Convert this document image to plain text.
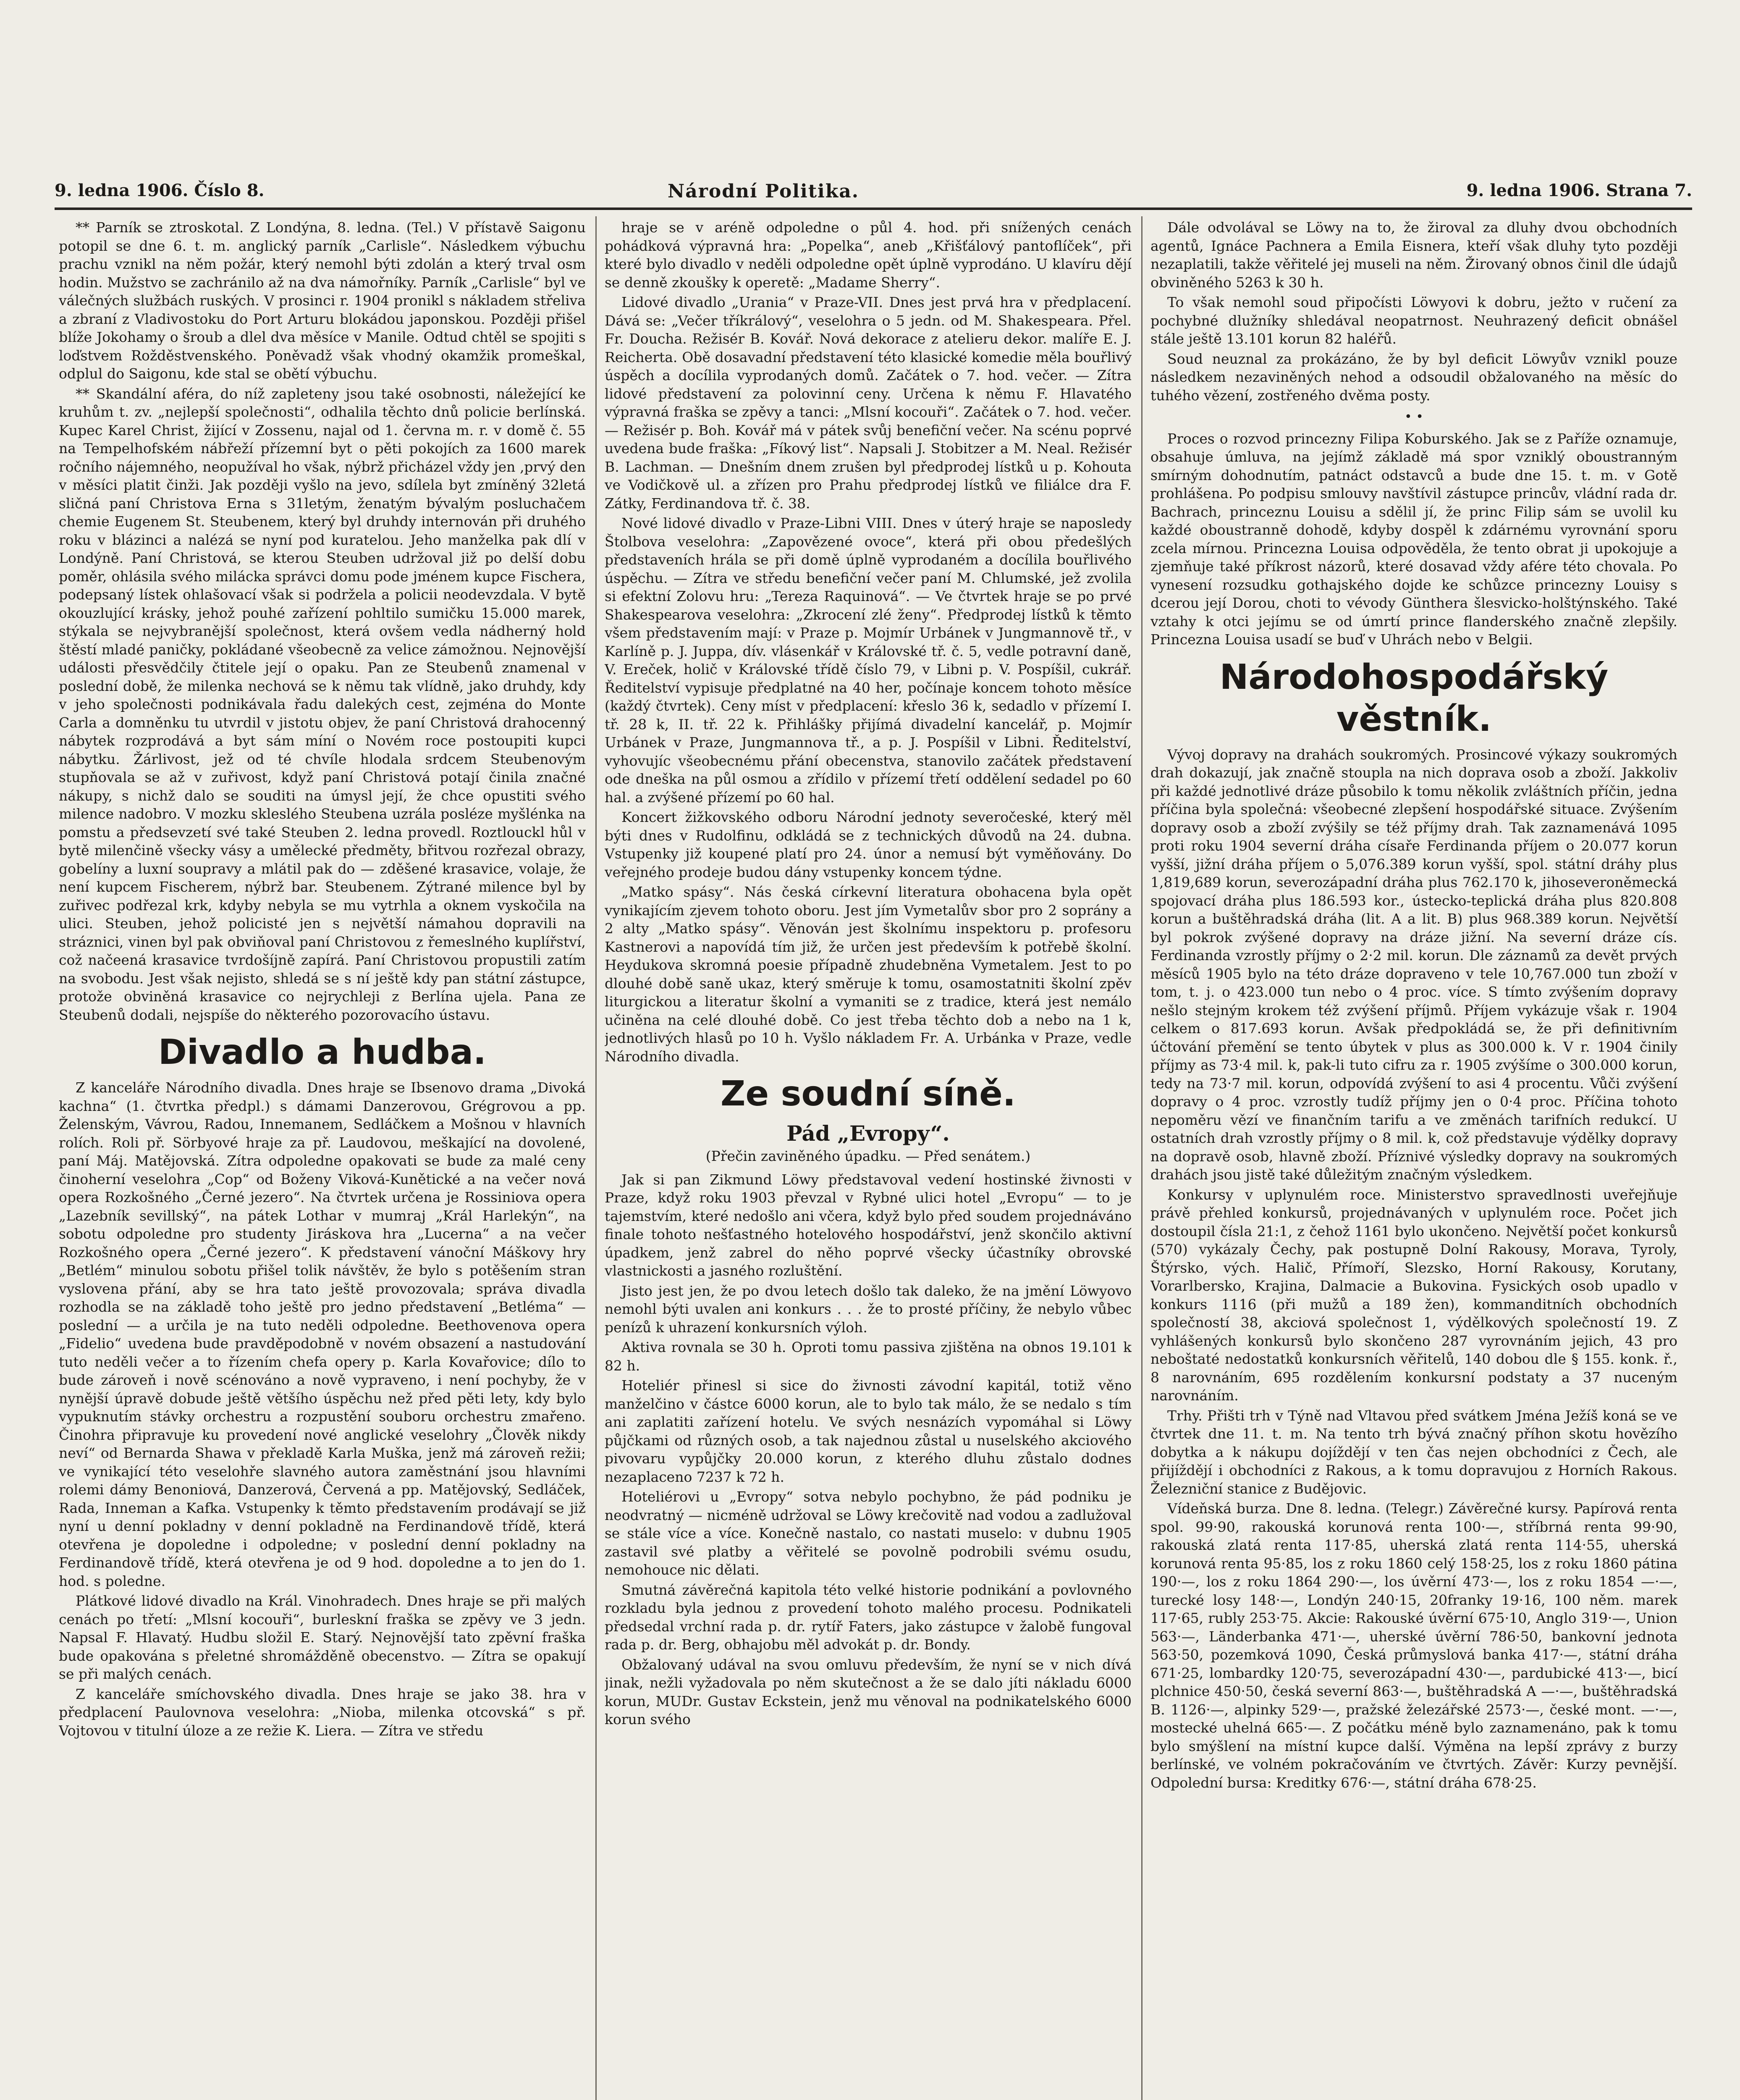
9. ledna 1906. Číslo 8.	Národní Politika.	9. ledna 1906. Strana 7.

** Parník se ztroskotal. Z Londýna, 8. ledna. (Tel.) V přístavě Saigonu potopil se dne 6. t. m. anglický parník „Carlisle“. Následkem výbuchu prachu vznikl na něm požár, který nemohl býti zdolán a který trval osm hodin. Mužstvo se zachránilo až na dva námořníky. Parník „Carlisle“ byl ve válečných službách ruských. V prosinci r. 1904 pronikl s nákladem střeliva a zbraní z Vladivostoku do Port Arturu blokádou japonskou. Později přišel blíže Jokohamy o šroub a dlel dva měsíce v Manile. Odtud chtěl se spojiti s loďstvem Rožděstvenského. Poněvadž však vhodný okamžik promeškal, odplul do Saigonu, kde stal se obětí výbuchu.

** Skandální aféra, do níž zapleteny jsou také osobnosti, náležející ke kruhům t. zv. „nejlepší společnosti“, odhalila těchto dnů policie berlínská. Kupec Karel Christ, žijící v Zossenu, najal od 1. června m. r. v domě č. 55 na Tempelhofském nábřeží přízemní byt o pěti pokojích za 1600 marek ročního nájemného, neopužíval ho však, nýbrž přicházel vždy jen ‚prvý den v měsíci platit činži. Jak později vyšlo na jevo, sdílela byt zmíněný 32letá sličná paní Christova Erna s 31letým, ženatým bývalým posluchačem chemie Eugenem St. Steubenem, který byl druhdy internován při druhého roku v blázinci a nalézá se nyní pod kuratelou. Jeho manželka pak dlí v Londýně. Paní Christová, se kterou Steuben udržoval již po delší dobu poměr, ohlásila svého milácka správci domu pode jménem kupce Fischera, podepsaný lístek ohlašovací však si podržela a policii neodevzdala. V bytě okouzlující krásky, jehož pouhé zařízení pohltilo sumičku 15.000 marek, stýkala se nejvybranější společnost, která ovšem vedla nádherný hold štěstí mladé paničky, pokládané všeobecně za velice zámožnou. Nejnovější události přesvědčily čtitele její o opaku. Pan ze Steubenů znamenal v poslední době, že milenka nechová se k němu tak vlídně, jako druhdy, kdy v jeho společnosti podnikávala řadu dalekých cest, zejména do Monte Carla a domněnku tu utvrdil v jistotu objev, že paní Christová drahocenný nábytek rozprodává a byt sám míní o Novém roce postoupiti kupci nábytku. Žárlivost, jež od té chvíle hlodala srdcem Steubenovým stupňovala se až v zuřivost, když paní Christová potají činila značné nákupy, s nichž dalo se souditi na úmysl její, že chce opustiti svého milence nadobro. V mozku skleslého Steubena uzrála posléze myšlénka na pomstu a předsevzetí své také Steuben 2. ledna provedl. Roztlouckl hůl v bytě milenčině všecky vásy a umělecké předměty, břitvou rozřezal obrazy, gobelíny a luxní soupravy a mlátil pak do — zděšené krasavice, volaje, že není kupcem Fischerem, nýbrž bar. Steubenem. Zýtrané milence byl by zuřivec podřezal krk, kdyby nebyla se mu vytrhla a oknem vyskočila na ulici. Steuben, jehož policisté jen s největší námahou dopravili na stráznici, vinen byl pak obviňoval paní Christovou z řemeslného kuplířství, což načeená krasavice tvrdošíjně zapírá. Paní Christovou propustili zatím na svobodu. Jest však nejisto, shledá se s ní ještě kdy pan státní zástupce, protože obviněná krasavice co nejrychleji z Berlína ujela. Pana ze Steubenů dodali, nejspíše do některého pozorovacího ústavu.

Divadlo a hudba.

Z kanceláře Národního divadla. Dnes hraje se Ibsenovo drama „Divoká kachna“ (1. čtvrtka předpl.) s dámami Danzerovou, Grégrovou a pp. Želenským, Vávrou, Radou, Innemanem, Sedláčkem a Mošnou v hlavních rolích. Roli př. Sörbyové hraje za př. Laudovou, meškající na dovolené, paní Máj. Matějovská. Zítra odpoledne opakovati se bude za malé ceny činoherní veselohra „Cop“ od Boženy Viková-Kunětické a na večer nová opera Rozkošného „Černé jezero“. Na čtvrtek určena je Rossiniova opera „Lazebník sevillský“, na pátek Lothar v mumraj „Král Harlekýn“, na sobotu odpoledne pro studenty Jiráskova hra „Lucerna“ a na večer Rozkošného opera „Černé jezero“. K představení vánoční Máškovy hry „Betlém“ minulou sobotu přišel tolik návštěv, že bylo s potěšením stran vyslovena přání, aby se hra tato ještě provozovala; správa divadla rozhodla se na základě toho ještě pro jedno představení „Betléma“ — poslední — a určila je na tuto neděli odpoledne. Beethovenova opera „Fidelio“ uvedena bude pravděpodobně v novém obsazení a nastudování tuto neděli večer a to řízením chefa opery p. Karla Kovařovice; dílo to bude zároveň i nově scénováno a nově vypraveno, i není pochyby, že v nynější úpravě dobude ještě většího úspěchu než před pěti lety, kdy bylo vypuknutím stávky orchestru a rozpustění souboru orchestru zmařeno. Činohra připravuje ku provedení nové anglické veselohry „Člověk nikdy neví“ od Bernarda Shawa v překladě Karla Muška, jenž má zároveň režii; ve vynikající této veselohře slavného autora zaměstnání jsou hlavními rolemi dámy Benoniová, Danzerová, Červená a pp. Matějovský, Sedláček, Rada, Inneman a Kafka. Vstupenky k těmto představením prodávají se již nyní u denní pokladny v denní pokladně na Ferdinandově třídě, která otevřena je dopoledne i odpoledne; v poslední denní pokladny na Ferdinandově třídě, která otevřena je od 9 hod. dopoledne a to jen do 1. hod. s poledne.

Plátkové lidové divadlo na Král. Vinohradech. Dnes hraje se při malých cenách po třetí: „Mlsní kocouři“, burleskní fraška se zpěvy ve 3 jedn. Napsal F. Hlavatý. Hudbu složil E. Starý. Nejnovější tato zpěvní fraška bude opakována s přeletné shromážděně obecenstvo. — Zítra se opakují se při malých cenách.

Z kanceláře smíchovského divadla. Dnes hraje se jako 38. hra v předplacení Paulovnova veselohra: „Nioba, milenka otcovská“ s př. Vojtovou v titulní úloze a ze režie K. Liera. — Zítra ve středu

hraje se v aréně odpoledne o půl 4. hod. při snížených cenách pohádková výpravná hra: „Popelka“, aneb „Křišťálový pantoflíček“, při které bylo divadlo v neděli odpoledne opět úplně vyprodáno. U klavíru dějí se denně zkoušky k operetě: „Madame Sherry“.

Lidové divadlo „Urania“ v Praze-VII. Dnes jest prvá hra v předplacení. Dává se: „Večer tříkrálový“, veselohra o 5 jedn. od M. Shakespeara. Přel. Fr. Doucha. Režisér B. Kovář. Nová dekorace z atelieru dekor. malíře E. J. Reichertа. Obě dosavadní představení této klasické komedie měla bouřlivý úspěch a docílila vyprodaných domů. Začátek o 7. hod. večer. — Zítra lidové představení za polovinní ceny. Určena k němu F. Hlavatého výpravná fraška se zpěvy a tanci: „Mlsní kocouři“. Začátek o 7. hod. večer. — Režisér p. Boh. Kovář má v pátek svůj benefiční večer. Na scénu poprvé uvedena bude fraška: „Fíkový list“. Napsali J. Stobitzer a M. Neal. Režisér B. Lachman. — Dnešním dnem zrušen byl předprodej lístků u p. Kohouta ve Vodičkově ul. a zřízen pro Prahu předprodej lístků ve filiálce dra F. Zátky, Ferdinandova tř. č. 38.

Nové lidové divadlo v Praze-Libni VIII. Dnes v úterý hraje se naposledy Štolbova veselohra: „Zapovězené ovoce“, která při obou předešlých představeních hrála se při domě úplně vyprodaném a docílila bouřlivého úspěchu. — Zítra ve středu benefiční večer paní M. Chlumské, jež zvolila si efektní Zolovu hru: „Tereza Raquinová“. — Ve čtvrtek hraje se po prvé Shakespearova veselohra: „Zkrocení zlé ženy“. Předprodej lístků k těmto všem představením mají: v Praze p. Mojmír Urbánek v Jungmannově tř., v Karlíně p. J. Juppa, dív. vlásenkář v Královské tř. č. 5, vedle potravní daně, V. Ereček, holič v Královské třídě číslo 79, v Libni p. V. Pospíšil, cukrář. Ředitelství vypisuje předplatné na 40 her, počínaje koncem tohoto měsíce (každý čtvrtek). Ceny míst v předplacení: křeslo 36 k, sedadlo v přízemí I. tř. 28 k, II. tř. 22 k. Přihlášky přijímá divadelní kancelář, p. Mojmír Urbánek v Praze, Jungmannova tř., a p. J. Pospíšil v Libni. Ředitelství, vyhovujíc všeobecnému přání obecenstva, stanovilo začátek představení ode dneška na půl osmou a zřídilo v přízemí třetí oddělení sedadel po 60 hal. a zvýšené přízemí po 60 hal.

Koncert žižkovského odboru Národní jednoty severočeské, který měl býti dnes v Rudolfinu, odkládá se z technických důvodů na 24. dubna. Vstupenky již koupené platí pro 24. únor a nemusí být vyměňovány. Do veřejného prodeje budou dány vstupenky koncem týdne.

„Matko spásy“. Nás česká církevní literatura obohacena byla opět vynikajícím zjevem tohoto oboru. Jest jím Vymetalův sbor pro 2 soprány a 2 alty „Matko spásy“. Věnován jest školnímu inspektoru p. profesoru Kastnerovi a napovídá tím již, že určen jest především k potřebě školní. Heydukova skromná poesie případně zhudebněna Vymetalem. Jest to po dlouhé době saně ukaz, který směruje k tomu, osamostatniti školní zpěv liturgickou a literatur školní a vymaniti se z tradice, která jest nemálo učiněna na celé dlouhé době. Co jest třeba těchto dob a nebo na 1 k, jednotlivých hlasů po 10 h. Vyšlo nákladem Fr. A. Urbánka v Praze, vedle Národního divadla.

Ze soudní síně.
Pád „Evropy“.
(Přečin zaviněného úpadku. — Před senátem.)

Jak si pan Zikmund Löwy představoval vedení hostinské živnosti v Praze, když roku 1903 převzal v Rybné ulici hotel „Evropu“ — to je tajemstvím, které nedošlo ani včera, když bylo před soudem projednáváno finale tohoto nešťastného hotelového hospodářství, jenž skončilo aktivní úpadkem, jenž zabrel do něho poprvé všecky účastníky obrovské vlastnickosti a jasného rozluštění.

Jisto jest jen, že po dvou letech došlo tak daleko, že na jmění Löwyovo nemohl býti uvalen ani konkurs . . . že to prosté příčiny, že nebylo vůbec penízů k uhrazení konkursních výloh.

Aktiva rovnala se 30 h. Oproti tomu passiva zjištěna na obnos 19.101 k 82 h.

Hoteliér přinesl si sice do živnosti závodní kapitál, totiž věno manželčino v částce 6000 korun, ale to bylo tak málo, že se nedalo s tím ani zaplatiti zařízení hotelu. Ve svých nesnázích vypomáhal si Löwy půjčkami od různých osob, a tak najednou zůstal u nuselského akciového pivovaru vypůjčky 20.000 korun, z kterého dluhu zůstalo dodnes nezaplaceno 7237 k 72 h.

Hoteliérovi u „Evropy“ sotva nebylo pochybno, že pád podniku je neodvratný — nicméně udržoval se Löwy krečovitě nad vodou a zadlužoval se stále více a více. Konečně nastalo, co nastati muselo: v dubnu 1905 zastavil své platby a věřitelé se povolně podrobili svému osudu, nemohouce nic dělati.

Smutná závěrečná kapitola této velké historie podnikání a povlovného rozkladu byla jednou z provedení tohoto malého procesu. Podnikateli předsedal vrchní rada p. dr. rytíř Faters, jako zástupce v žalobě fungoval rada p. dr. Berg, obhajobu měl advokát p. dr. Bondy.

Obžalovaný udával na svou omluvu především, že nyní se v nich dívá jinak, nežli vyžadovala po něm skutečnost a že se dalo jíti nákladu 6000 korun, MUDr. Gustav Eckstein, jenž mu věnoval na podnikatelského 6000 korun svého

Dále odvolával se Löwy na to, že žiroval za dluhy dvou obchodních agentů, Ignáce Pachnera a Emila Eisnera, kteří však dluhy tyto později nezaplatili, takže věřitelé jej museli na něm. Žirovaný obnos činil dle údajů obviněného 5263 k 30 h.

To však nemohl soud připočísti Löwyovi k dobru, ježto v ručení za pochybné dlužníky shledával neopatrnost. Neuhrazený deficit obnášel stále ještě 13.101 korun 82 haléřů.

Soud neuznal za prokázáno, že by byl deficit Löwyův vznikl pouze následkem nezaviněných nehod a odsoudil obžalovaného na měsíc do tuhého vězení, zostřeného dvěma posty.

• •

Proces o rozvod princezny Filipa Koburského. Jak se z Paříže oznamuje, obsahuje úmluva, na jejímž základě má spor vzniklý oboustranným smírným dohodnutím, patnáct odstavců a bude dne 15. t. m. v Gotě prohlášena. Po podpisu smlouvy navštívil zástupce princův, vládní rada dr. Bachrach, princeznu Louisu a sdělil jí, že princ Filip sám se uvolil ku každé oboustranně dohodě, kdyby dospěl k zdárnému vyrovnání sporu zcela mírnou. Princezna Louisa odpověděla, že tento obrat ji upokojuje a zjemňuje také příkrost názorů, které dosavad vždy afére této chovala. Po vynesení rozsudku gothajského dojde ke schůzce princezny Louisy s dcerou její Dorou, choti to vévody Günthera šlesvicko-holštýnského. Také vztahy k otci jejímu se od úmrtí prince flanderského značně zlepšily. Princezna Louisa usadí se buď v Uhrách nebo v Belgii.

Národohospodářský věstník.

Vývoj dopravy na drahách soukromých. Prosincové výkazy soukromých drah dokazují, jak značně stoupla na nich doprava osob a zboží. Jakkoliv při každé jednotlivé dráze působilo k tomu několik zvláštních příčin, jedna příčina byla společná: všeobecné zlepšení hospodářské situace. Zvýšením dopravy osob a zboží zvýšily se též příjmy drah. Tak zaznamenává 1095 proti roku 1904 severní dráha císaře Ferdinanda příjem o 20.077 korun vyšší, jižní dráha příjem o 5,076.389 korun vyšší, spol. státní dráhy plus 1,819,689 korun, severozápadní dráha plus 762.170 k, jihoseveroněmecká spojovací dráha plus 186.593 kor., ústecko-teplická dráha plus 820.808 korun a buštěhradská dráha (lit. A a lit. B) plus 968.389 korun. Největší byl pokrok zvýšené dopravy na dráze jižní. Na severní dráze cís. Ferdinanda vzrostly příjmy o 2·2 mil. korun. Dle záznamů za devět prvých měsíců 1905 bylo na této dráze dopraveno v tele 10,767.000 tun zboží v tom, t. j. o 423.000 tun nebo o 4 proc. více. S tímto zvýšením dopravy nešlo stejným krokem též zvýšení příjmů. Příjem vykázuje však r. 1904 celkem o 817.693 korun. Avšak předpokládá se, že při definitivním účtování přemění se tento úbytek v plus as 300.000 k. V r. 1904 činily příjmy as 73·4 mil. k, pak-li tuto cifru za r. 1905 zvýšíme o 300.000 korun, tedy na 73·7 mil. korun, odpovídá zvýšení to asi 4 procentu. Vůči zvýšení dopravy o 4 proc. vzrostly tudíž příjmy jen o 0·4 proc. Příčina tohoto nepoměru vězí ve finančním tarifu a ve změnách tarifních redukcí. U ostatních drah vzrostly příjmy o 8 mil. k, což představuje výdělky dopravy na dopravě osob, hlavně zboží. Příznivé výsledky dopravy na soukromých drahách jsou jistě také důležitým značným výsledkem.

Konkursy v uplynulém roce. Ministerstvo spravedlnosti uveřejňuje právě přehled konkursů, projednávaných v uplynulém roce. Počet jich dostoupil čísla 21:1, z čehož 1161 bylo ukončeno. Největší počet konkursů (570) vykázaly Čechy, pak postupně Dolní Rakousy, Morava, Tyroly, Štýrsko, vých. Halič, Přímoří, Slezsko, Horní Rakousy, Korutany, Vorarlbersko, Krajina, Dalmacie a Bukovina. Fysických osob upadlo v konkurs 1116 (při mužů a 189 žen), kommanditních obchodních společností 38, akciová společnost 1, výdělkových společností 19. Z vyhlášených konkursů bylo skončeno 287 vyrovnáním jejich, 43 pro neboštaté nedostatků konkursních věřitelů, 140 dobou dle § 155. konk. ř., 8 narovnáním, 695 rozdělením konkursní podstaty a 37 nuceným narovnáním.

Trhy. Přišti trh v Týně nad Vltavou před svátkem Jména Ježíš koná se ve čtvrtek dne 11. t. m. Na tento trh bývá značný příhon skotu hovězího dobytka a k nákupu dojíždějí v ten čas nejen obchodníci z Čech, ale přijíždějí i obchodníci z Rakous, a k tomu dopravujou z Horních Rakous. Železniční stanice z Budějovic.

Vídeňská burza. Dne 8. ledna. (Telegr.) Závěrečné kursy. Papírová renta spol. 99·90, rakouská korunová renta 100·—, stříbrná renta 99·90, rakouská zlatá renta 117·85, uherská zlatá renta 114·55, uherská korunová renta 95·85, los z roku 1860 celý 158·25, los z roku 1860 pátina 190·—, los z roku 1864 290·—, los úvěrní 473·—, los z roku 1854 —·—, turecké losy 148·—, Londýn 240·15, 20franky 19·16, 100 něm. marek 117·65, rubly 253·75. Akcie: Rakouské úvěrní 675·10, Anglo 319·—, Union 563·—, Länderbanka 471·—, uherské úvěrní 786·50, bankovní jednota 563·50, pozemková 1090, Česká průmyslová banka 417·—, státní dráha 671·25, lombardky 120·75, severozápadní 430·—, pardubické 413·—, bicí plchnice 450·50, česká severní 863·—, buštěhradská A —·—, buštěhradská B. 1126·—, alpinky 529·—, pražské železářské 2573·—, české mont. —·—, mostecké uhelná 665·—. Z počátku méně bylo zaznamenáno, pak k tomu bylo smýšlení na místní kupce další. Výměna na lepší zprávy z burzy berlínské, ve volném pokračováním ve čtvrtých. Závěr: Kurzy pevnější. Odpolední bursa: Kreditky 676·—, státní dráha 678·25.
